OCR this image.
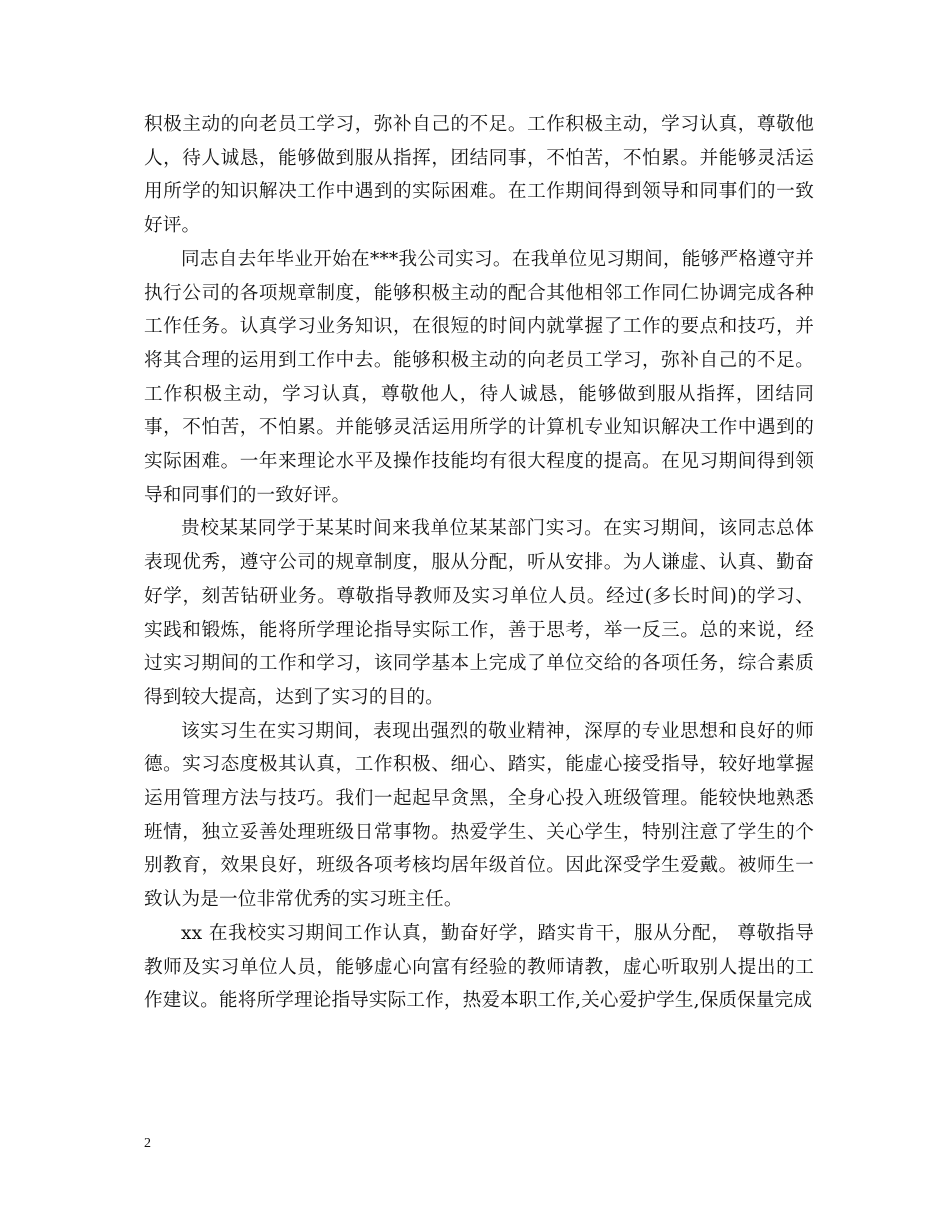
积极主动的向老员工学习，弥补自己的不足。工作积极主动，学习认真，尊敬他人，待人诚恳，能够做到服从指挥，团结同事，不怕苦，不怕累。并能够灵活运用所学的知识解决工作中遇到的实际困难。在工作期间得到领导和同事们的一致好评。

同志自去年毕业开始在***我公司实习。在我单位见习期间，能够严格遵守并执行公司的各项规章制度，能够积极主动的配合其他相邻工作同仁协调完成各种工作任务。认真学习业务知识，在很短的时间内就掌握了工作的要点和技巧，并将其合理的运用到工作中去。能够积极主动的向老员工学习，弥补自己的不足。工作积极主动，学习认真，尊敬他人，待人诚恳，能够做到服从指挥，团结同事，不怕苦，不怕累。并能够灵活运用所学的计算机专业知识解决工作中遇到的实际困难。一年来理论水平及操作技能均有很大程度的提高。在见习期间得到领导和同事们的一致好评。

贵校某某同学于某某时间来我单位某某部门实习。在实习期间，该同志总体表现优秀，遵守公司的规章制度，服从分配，听从安排。为人谦虚、认真、勤奋好学，刻苦钻研业务。尊敬指导教师及实习单位人员。经过(多长时间)的学习、实践和锻炼，能将所学理论指导实际工作，善于思考，举一反三。总的来说，经过实习期间的工作和学习，该同学基本上完成了单位交给的各项任务，综合素质得到较大提高，达到了实习的目的。

该实习生在实习期间，表现出强烈的敬业精神，深厚的专业思想和良好的师德。实习态度极其认真，工作积极、细心、踏实，能虚心接受指导，较好地掌握运用管理方法与技巧。我们一起起早贪黑，全身心投入班级管理。能较快地熟悉班情，独立妥善处理班级日常事物。热爱学生、关心学生，特别注意了学生的个别教育，效果良好，班级各项考核均居年级首位。因此深受学生爱戴。被师生一致认为是一位非常优秀的实习班主任。

xx 在我校实习期间工作认真，勤奋好学，踏实肯干，服从分配， 尊敬指导教师及实习单位人员，能够虚心向富有经验的教师请教，虚心听取别人提出的工作建议。能将所学理论指导实际工作，热爱本职工作,关心爱护学生,保质保量完成

2
